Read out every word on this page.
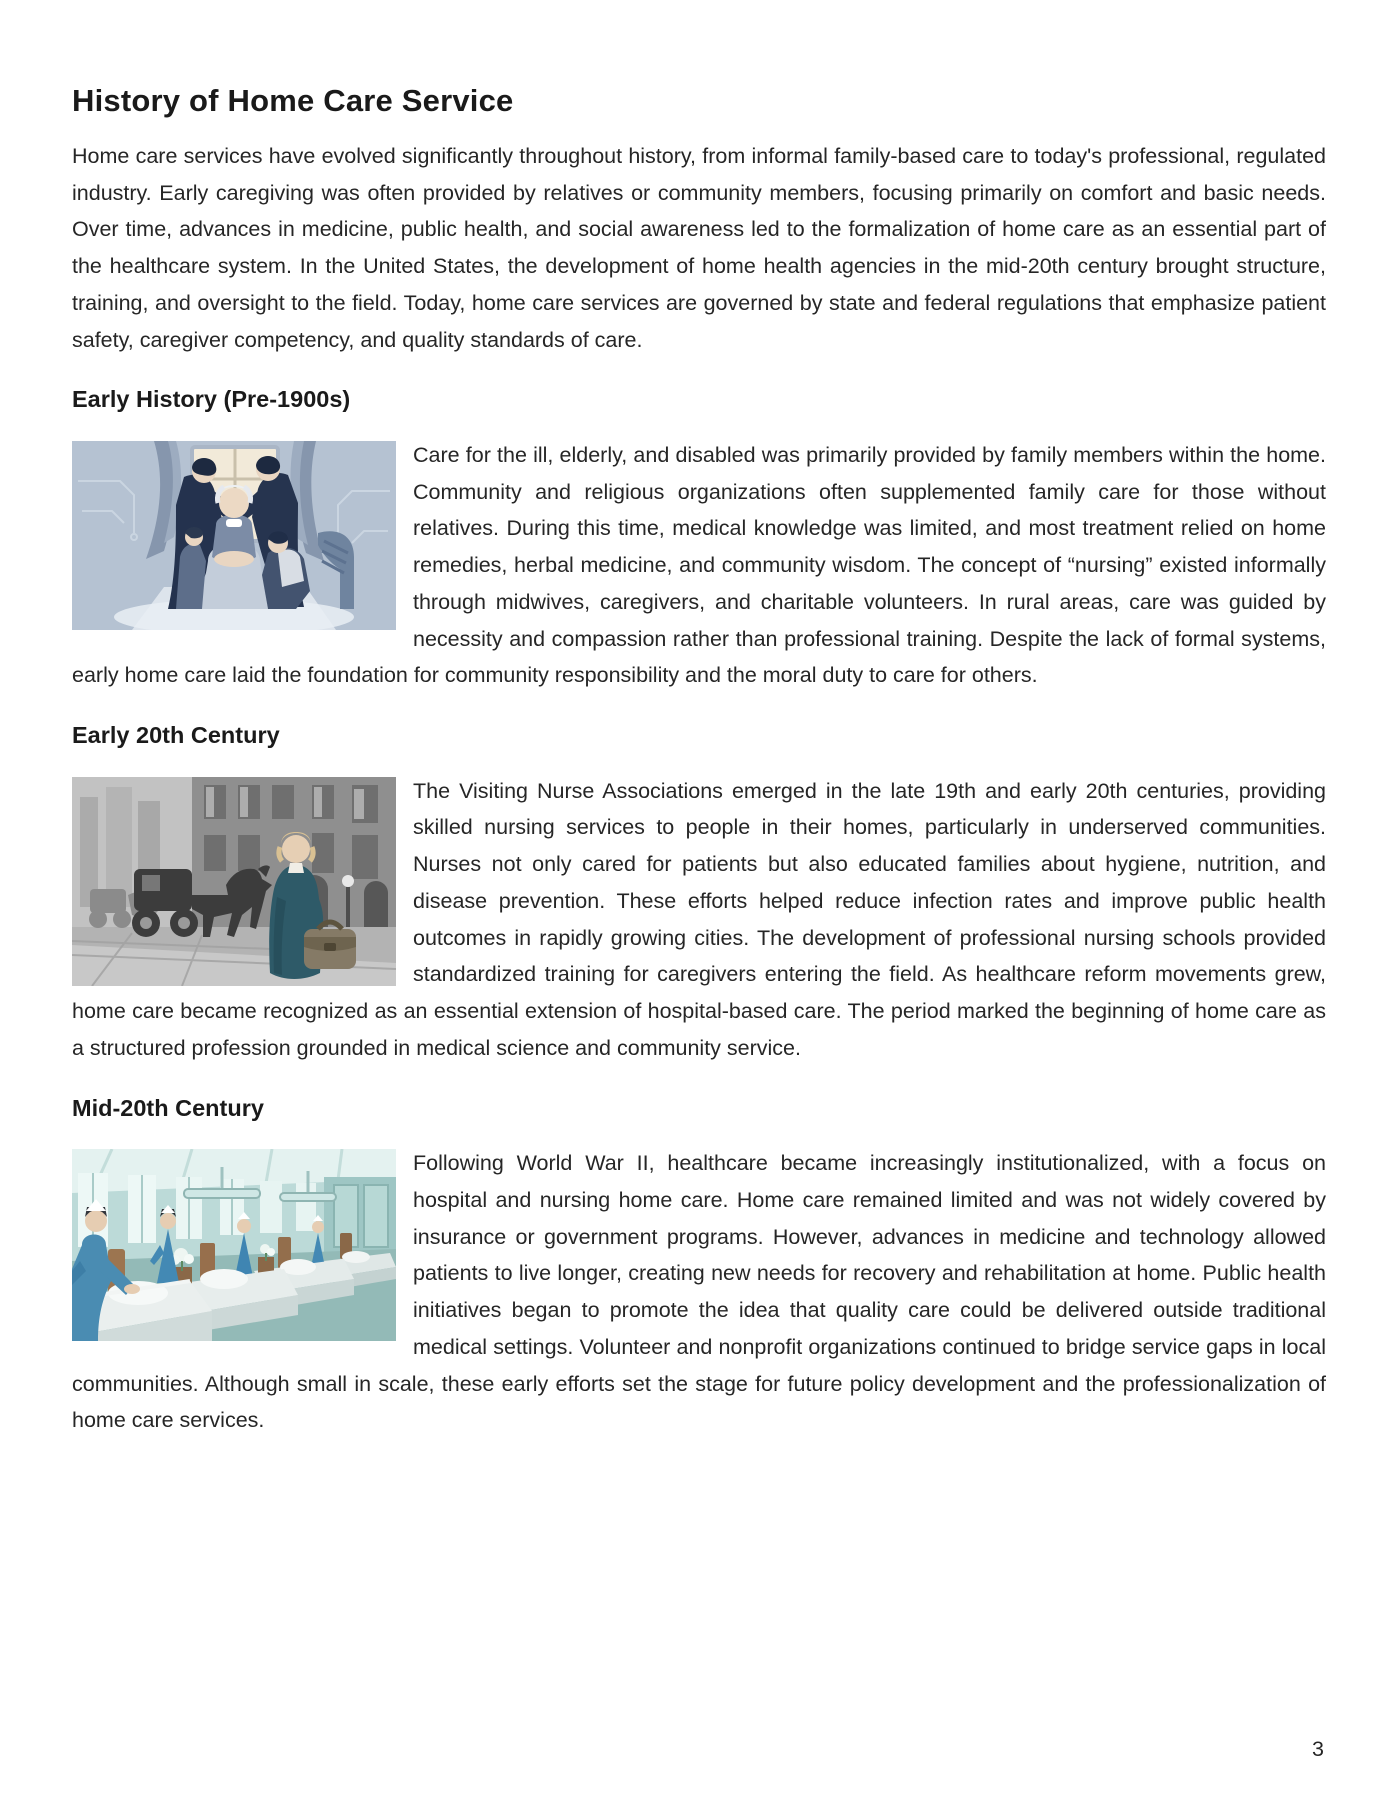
History of Home Care Service

Home care services have evolved significantly throughout history, from informal family-based care to today's professional, regulated industry. Early caregiving was often provided by relatives or community members, focusing primarily on comfort and basic needs. Over time, advances in medicine, public health, and social awareness led to the formalization of home care as an essential part of the healthcare system. In the United States, the development of home health agencies in the mid-20th century brought structure, training, and oversight to the field. Today, home care services are governed by state and federal regulations that emphasize patient safety, caregiver competency, and quality standards of care.

Early History (Pre-1900s)

Care for the ill, elderly, and disabled was primarily provided by family members within the home. Community and religious organizations often supplemented family care for those without relatives. During this time, medical knowledge was limited, and most treatment relied on home remedies, herbal medicine, and community wisdom. The concept of “nursing” existed informally through midwives, caregivers, and charitable volunteers. In rural areas, care was guided by necessity and compassion rather than professional training. Despite the lack of formal systems, early home care laid the foundation for community responsibility and the moral duty to care for others.

Early 20th Century

The Visiting Nurse Associations emerged in the late 19th and early 20th centuries, providing skilled nursing services to people in their homes, particularly in underserved communities. Nurses not only cared for patients but also educated families about hygiene, nutrition, and disease prevention. These efforts helped reduce infection rates and improve public health outcomes in rapidly growing cities. The development of professional nursing schools provided standardized training for caregivers entering the field. As healthcare reform movements grew, home care became recognized as an essential extension of hospital-based care. The period marked the beginning of home care as a structured profession grounded in medical science and community service.

Mid-20th Century

Following World War II, healthcare became increasingly institutionalized, with a focus on hospital and nursing home care. Home care remained limited and was not widely covered by insurance or government programs. However, advances in medicine and technology allowed patients to live longer, creating new needs for recovery and rehabilitation at home. Public health initiatives began to promote the idea that quality care could be delivered outside traditional medical settings. Volunteer and nonprofit organizations continued to bridge service gaps in local communities. Although small in scale, these early efforts set the stage for future policy development and the professionalization of home care services.

3
